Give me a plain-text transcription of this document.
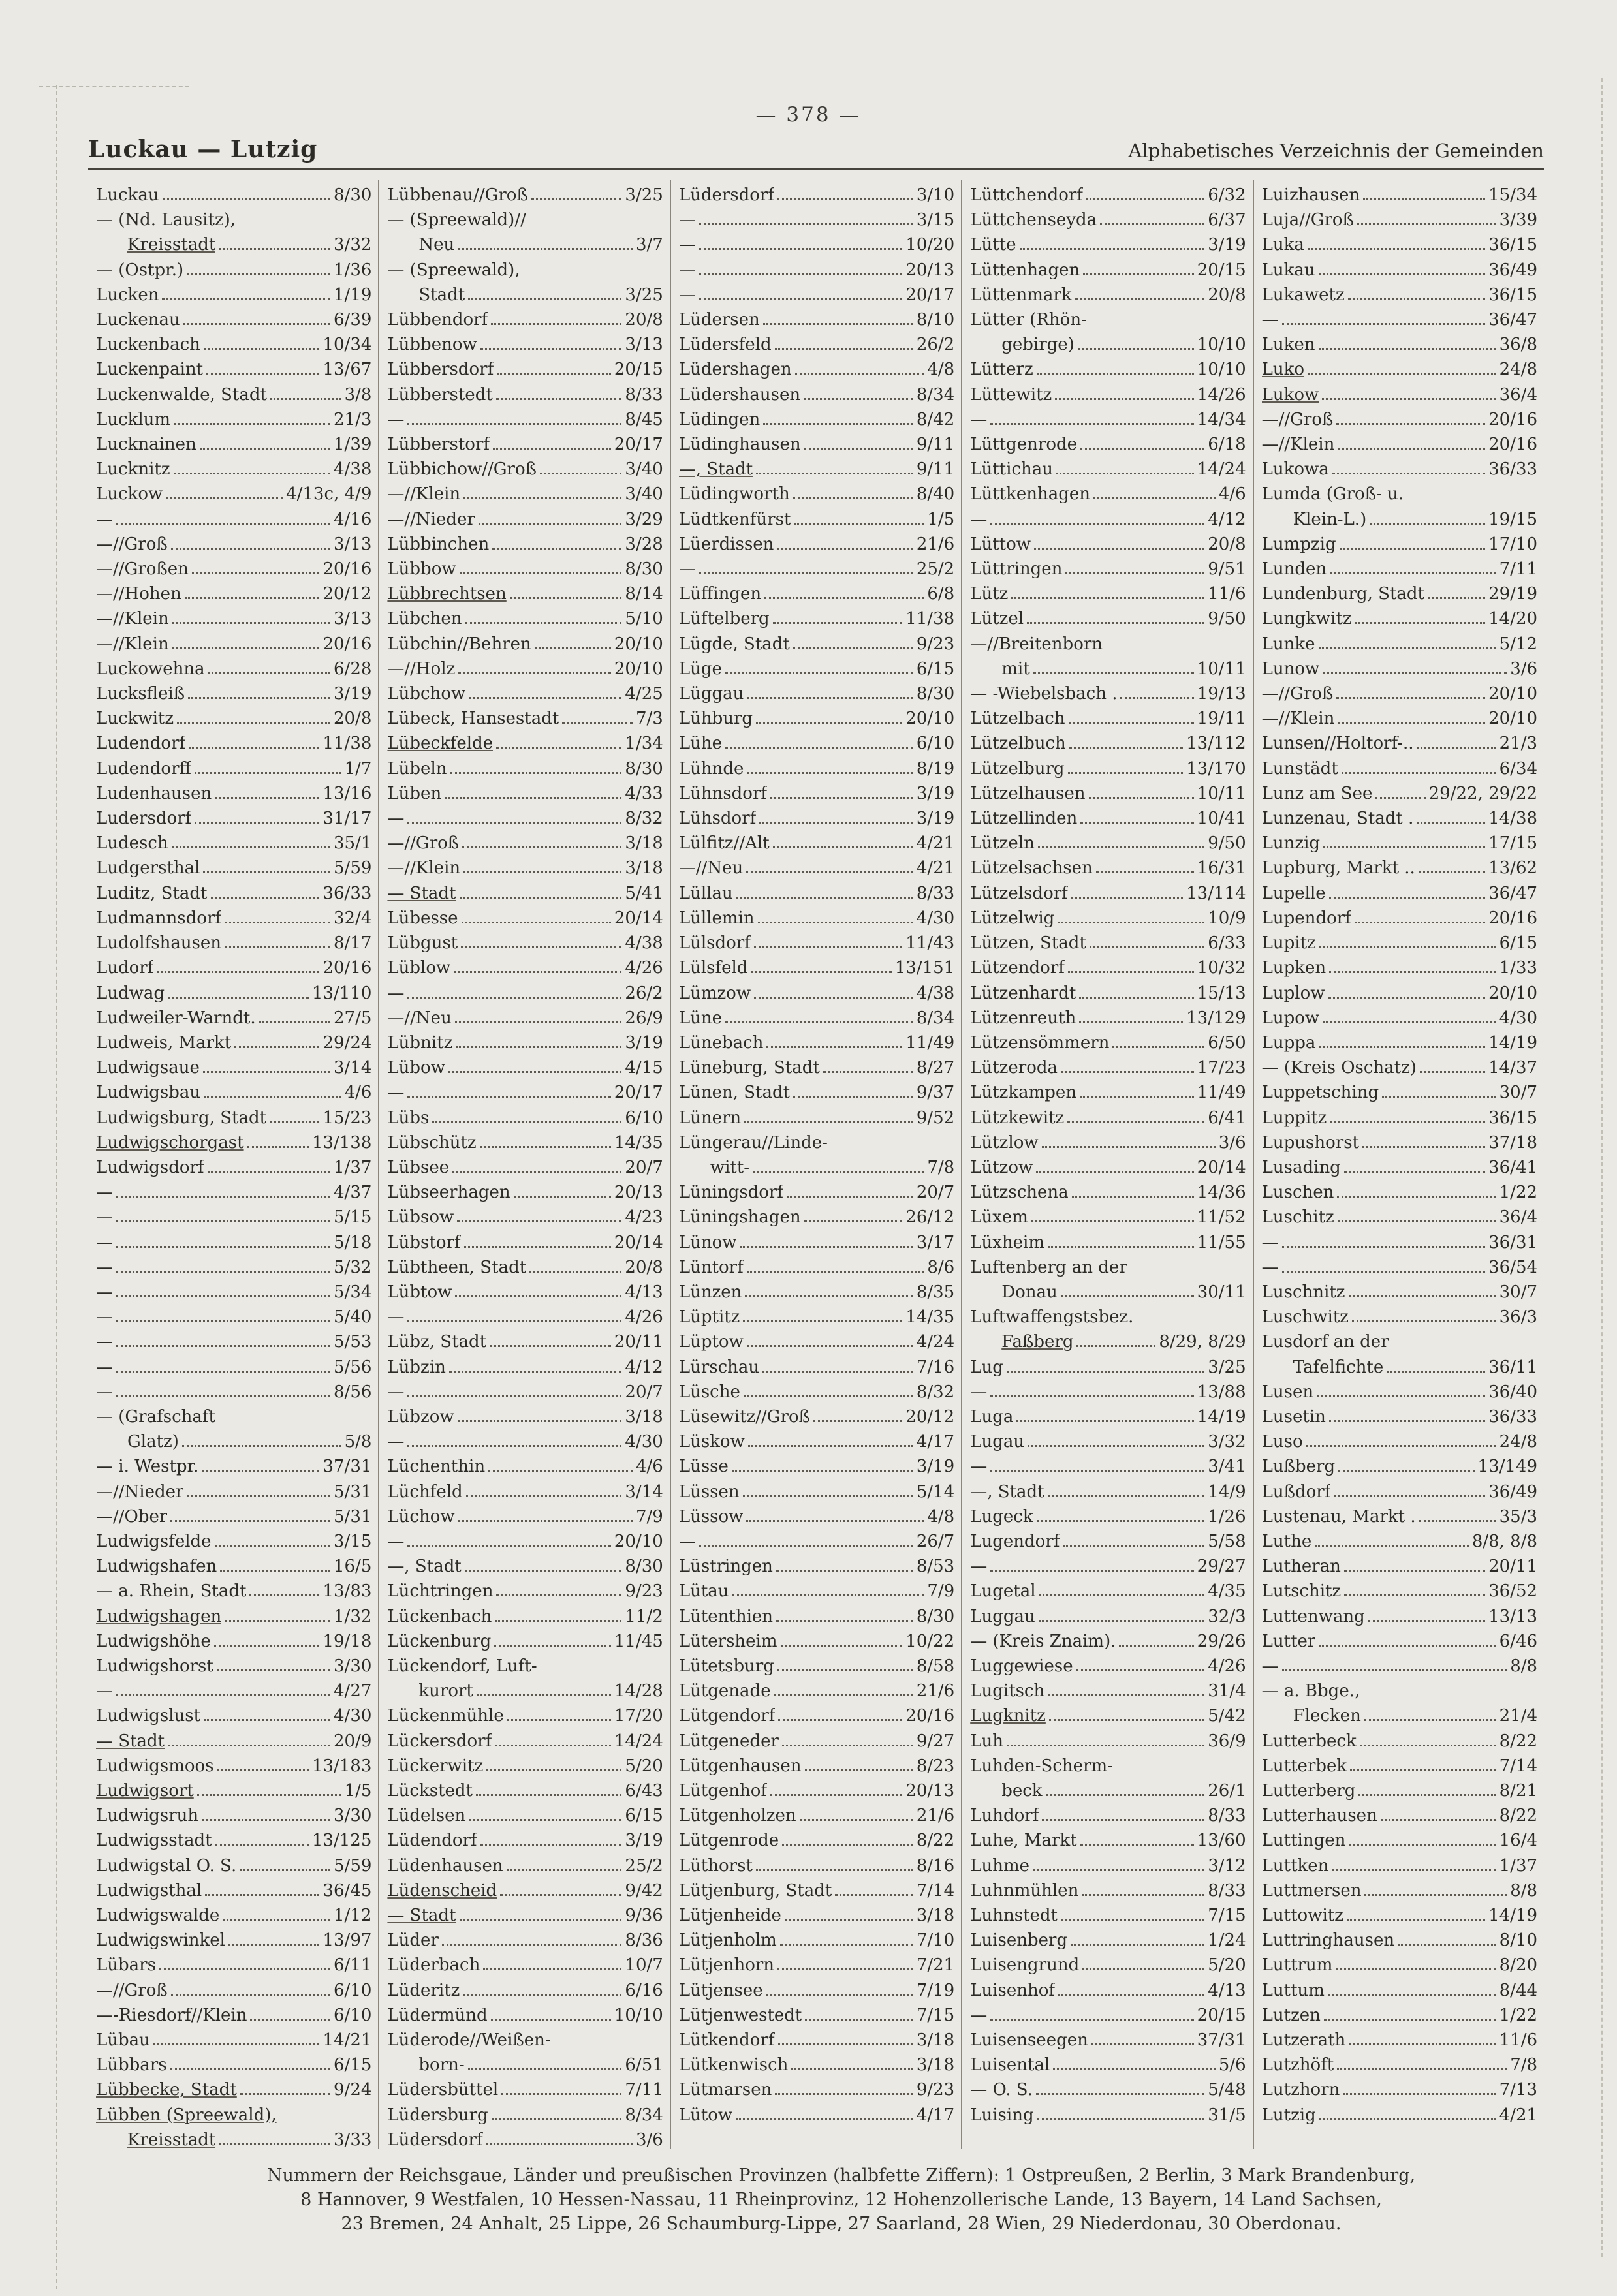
— 378 —
Luckau — Lutzig	Alphabetisches Verzeichnis der Gemeinden
Luckau	8/30
— (Nd. Lausitz),
Kreisstadt	3/32
— (Ostpr.)	1/36
Lucken	1/19
Luckenau	6/39
Luckenbach	10/34
Luckenpaint	13/67
Luckenwalde, Stadt	3/8
Lucklum	21/3
Lucknainen	1/39
Lucknitz	4/38
Luckow	4/13c, 4/9
—	4/16
—//Groß	3/13
—//Großen	20/16
—//Hohen	20/12
—//Klein	3/13
—//Klein	20/16
Luckowehna	6/28
Lucksfleiß	3/19
Luckwitz	20/8
Ludendorf	11/38
Ludendorff	1/7
Ludenhausen	13/16
Ludersdorf	31/17
Ludesch	35/1
Ludgersthal	5/59
Luditz, Stadt	36/33
Ludmannsdorf	32/4
Ludolfshausen	8/17
Ludorf	20/16
Ludwag	13/110
Ludweiler-Warndt.	27/5
Ludweis, Markt	29/24
Ludwigsaue	3/14
Ludwigsbau	4/6
Ludwigsburg, Stadt	15/23
Ludwigschorgast	13/138
Ludwigsdorf	1/37
—	4/37
—	5/15
—	5/18
—	5/32
—	5/34
—	5/40
—	5/53
—	5/56
—	8/56
— (Grafschaft
Glatz)	5/8
— i. Westpr.	37/31
—//Nieder	5/31
—//Ober	5/31
Ludwigsfelde	3/15
Ludwigshafen	16/5
— a. Rhein, Stadt	13/83
Ludwigshagen	1/32
Ludwigshöhe	19/18
Ludwigshorst	3/30
—	4/27
Ludwigslust	4/30
— Stadt	20/9
Ludwigsmoos	13/183
Ludwigsort	1/5
Ludwigsruh	3/30
Ludwigsstadt	13/125
Ludwigstal O. S.	5/59
Ludwigsthal	36/45
Ludwigswalde	1/12
Ludwigswinkel	13/97
Lübars	6/11
—//Groß	6/10
—-Riesdorf//Klein	6/10
Lübau	14/21
Lübbars	6/15
Lübbecke, Stadt	9/24
Lübben (Spreewald),
Kreisstadt	3/33
Lübbenau//Groß	3/25
— (Spreewald)//
Neu	3/7
— (Spreewald),
Stadt	3/25
Lübbendorf	20/8
Lübbenow	3/13
Lübbersdorf	20/15
Lübberstedt	8/33
—	8/45
Lübberstorf	20/17
Lübbichow//Groß	3/40
—//Klein	3/40
—//Nieder	3/29
Lübbinchen	3/28
Lübbow	8/30
Lübbrechtsen	8/14
Lübchen	5/10
Lübchin//Behren	20/10
—//Holz	20/10
Lübchow	4/25
Lübeck, Hansestadt	7/3
Lübeckfelde	1/34
Lübeln	8/30
Lüben	4/33
—	8/32
—//Groß	3/18
—//Klein	3/18
— Stadt	5/41
Lübesse	20/14
Lübgust	4/38
Lüblow	4/26
—	26/2
—//Neu	26/9
Lübnitz	3/19
Lübow	4/15
—	20/17
Lübs	6/10
Lübschütz	14/35
Lübsee	20/7
Lübseerhagen	20/13
Lübsow	4/23
Lübstorf	20/14
Lübtheen, Stadt	20/8
Lübtow	4/13
—	4/26
Lübz, Stadt	20/11
Lübzin	4/12
—	20/7
Lübzow	3/18
—	4/30
Lüchenthin	4/6
Lüchfeld	3/14
Lüchow	7/9
—	20/10
—, Stadt	8/30
Lüchtringen	9/23
Lückenbach	11/2
Lückenburg	11/45
Lückendorf, Luft-
kurort	14/28
Lückenmühle	17/20
Lückersdorf	14/24
Lückerwitz	5/20
Lückstedt	6/43
Lüdelsen	6/15
Lüdendorf	3/19
Lüdenhausen	25/2
Lüdenscheid	9/42
— Stadt	9/36
Lüder	8/36
Lüderbach	10/7
Lüderitz	6/16
Lüdermünd	10/10
Lüderode//Weißen-
born-	6/51
Lüdersbüttel	7/11
Lüdersburg	8/34
Lüdersdorf	3/6
Lüdersdorf	3/10
—	3/15
—	10/20
—	20/13
—	20/17
Lüdersen	8/10
Lüdersfeld	26/2
Lüdershagen	4/8
Lüdershausen	8/34
Lüdingen	8/42
Lüdinghausen	9/11
—, Stadt	9/11
Lüdingworth	8/40
Lüdtkenfürst	1/5
Lüerdissen	21/6
—	25/2
Lüffingen	6/8
Lüftelberg	11/38
Lügde, Stadt	9/23
Lüge	6/15
Lüggau	8/30
Lühburg	20/10
Lühe	6/10
Lühnde	8/19
Lühnsdorf	3/19
Lühsdorf	3/19
Lülfitz//Alt	4/21
—//Neu	4/21
Lüllau	8/33
Lüllemin	4/30
Lülsdorf	11/43
Lülsfeld	13/151
Lümzow	4/38
Lüne	8/34
Lünebach	11/49
Lüneburg, Stadt	8/27
Lünen, Stadt	9/37
Lünern	9/52
Lüngerau//Linde-
witt-	7/8
Lüningsdorf	20/7
Lüningshagen	26/12
Lünow	3/17
Lüntorf	8/6
Lünzen	8/35
Lüptitz	14/35
Lüptow	4/24
Lürschau	7/16
Lüsche	8/32
Lüsewitz//Groß	20/12
Lüskow	4/17
Lüsse	3/19
Lüssen	5/14
Lüssow	4/8
—	26/7
Lüstringen	8/53
Lütau	7/9
Lütenthien	8/30
Lütersheim	10/22
Lütetsburg	8/58
Lütgenade	21/6
Lütgendorf	20/16
Lütgeneder	9/27
Lütgenhausen	8/23
Lütgenhof	20/13
Lütgenholzen	21/6
Lütgenrode	8/22
Lüthorst	8/16
Lütjenburg, Stadt	7/14
Lütjenheide	3/18
Lütjenholm	7/10
Lütjenhorn	7/21
Lütjensee	7/19
Lütjenwestedt	7/15
Lütkendorf	3/18
Lütkenwisch	3/18
Lütmarsen	9/23
Lütow	4/17
Lüttchendorf	6/32
Lüttchenseyda	6/37
Lütte	3/19
Lüttenhagen	20/15
Lüttenmark	20/8
Lütter (Rhön-
gebirge)	10/10
Lütterz	10/10
Lüttewitz	14/26
—	14/34
Lüttgenrode	6/18
Lüttichau	14/24
Lüttkenhagen	4/6
—	4/12
Lüttow	20/8
Lüttringen	9/51
Lütz	11/6
Lützel	9/50
—//Breitenborn
mit	10/11
— -Wiebelsbach .	19/13
Lützelbach	19/11
Lützelbuch	13/112
Lützelburg	13/170
Lützelhausen	10/11
Lützellinden	10/41
Lützeln	9/50
Lützelsachsen	16/31
Lützelsdorf	13/114
Lützelwig	10/9
Lützen, Stadt	6/33
Lützendorf	10/32
Lützenhardt	15/13
Lützenreuth	13/129
Lützensömmern	6/50
Lützeroda	17/23
Lützkampen	11/49
Lützkewitz	6/41
Lützlow	3/6
Lützow	20/14
Lützschena	14/36
Lüxem	11/52
Lüxheim	11/55
Luftenberg an der
Donau	30/11
Luftwaffengstsbez.
Faßberg	8/29, 8/29
Lug	3/25
—	13/88
Luga	14/19
Lugau	3/32
—	3/41
—, Stadt	14/9
Lugeck	1/26
Lugendorf	5/58
—	29/27
Lugetal	4/35
Luggau	32/3
— (Kreis Znaim).	29/26
Luggewiese	4/26
Lugitsch	31/4
Lugknitz	5/42
Luh	36/9
Luhden-Scherm-
beck	26/1
Luhdorf	8/33
Luhe, Markt	13/60
Luhme	3/12
Luhnmühlen	8/33
Luhnstedt	7/15
Luisenberg	1/24
Luisengrund	5/20
Luisenhof	4/13
—	20/15
Luisenseegen	37/31
Luisental	5/6
— O. S.	5/48
Luising	31/5
Luizhausen	15/34
Luja//Groß	3/39
Luka	36/15
Lukau	36/49
Lukawetz	36/15
—	36/47
Luken	36/8
Luko	24/8
Lukow	36/4
—//Groß	20/16
—//Klein	20/16
Lukowa	36/33
Lumda (Groß- u.
Klein-L.)	19/15
Lumpzig	17/10
Lunden	7/11
Lundenburg, Stadt	29/19
Lungkwitz	14/20
Lunke	5/12
Lunow	3/6
—//Groß	20/10
—//Klein	20/10
Lunsen//Holtorf-..	21/3
Lunstädt	6/34
Lunz am See	29/22, 29/22
Lunzenau, Stadt .	14/38
Lunzig	17/15
Lupburg, Markt ..	13/62
Lupelle	36/47
Lupendorf	20/16
Lupitz	6/15
Lupken	1/33
Luplow	20/10
Lupow	4/30
Luppa	14/19
— (Kreis Oschatz)	14/37
Luppetsching	30/7
Luppitz	36/15
Lupushorst	37/18
Lusading	36/41
Luschen	1/22
Luschitz	36/4
—	36/31
—	36/54
Luschnitz	30/7
Luschwitz	36/3
Lusdorf an der
Tafelfichte	36/11
Lusen	36/40
Lusetin	36/33
Luso	24/8
Lußberg	13/149
Lußdorf	36/49
Lustenau, Markt .	35/3
Luthe	8/8, 8/8
Lutheran	20/11
Lutschitz	36/52
Luttenwang	13/13
Lutter	6/46
—	8/8
— a. Bbge.,
Flecken	21/4
Lutterbeck	8/22
Lutterbek	7/14
Lutterberg	8/21
Lutterhausen	8/22
Luttingen	16/4
Luttken	1/37
Luttmersen	8/8
Luttowitz	14/19
Luttringhausen	8/10
Luttrum	8/20
Luttum	8/44
Lutzen	1/22
Lutzerath	11/6
Lutzhöft	7/8
Lutzhorn	7/13
Lutzig	4/21
Nummern der Reichsgaue, Länder und preußischen Provinzen (halbfette Ziffern): 1 Ostpreußen, 2 Berlin, 3 Mark Brandenburg,
8 Hannover, 9 Westfalen, 10 Hessen-Nassau, 11 Rheinprovinz, 12 Hohenzollerische Lande, 13 Bayern, 14 Land Sachsen,
23 Bremen, 24 Anhalt, 25 Lippe, 26 Schaumburg-Lippe, 27 Saarland, 28 Wien, 29 Niederdonau, 30 Oberdonau.
